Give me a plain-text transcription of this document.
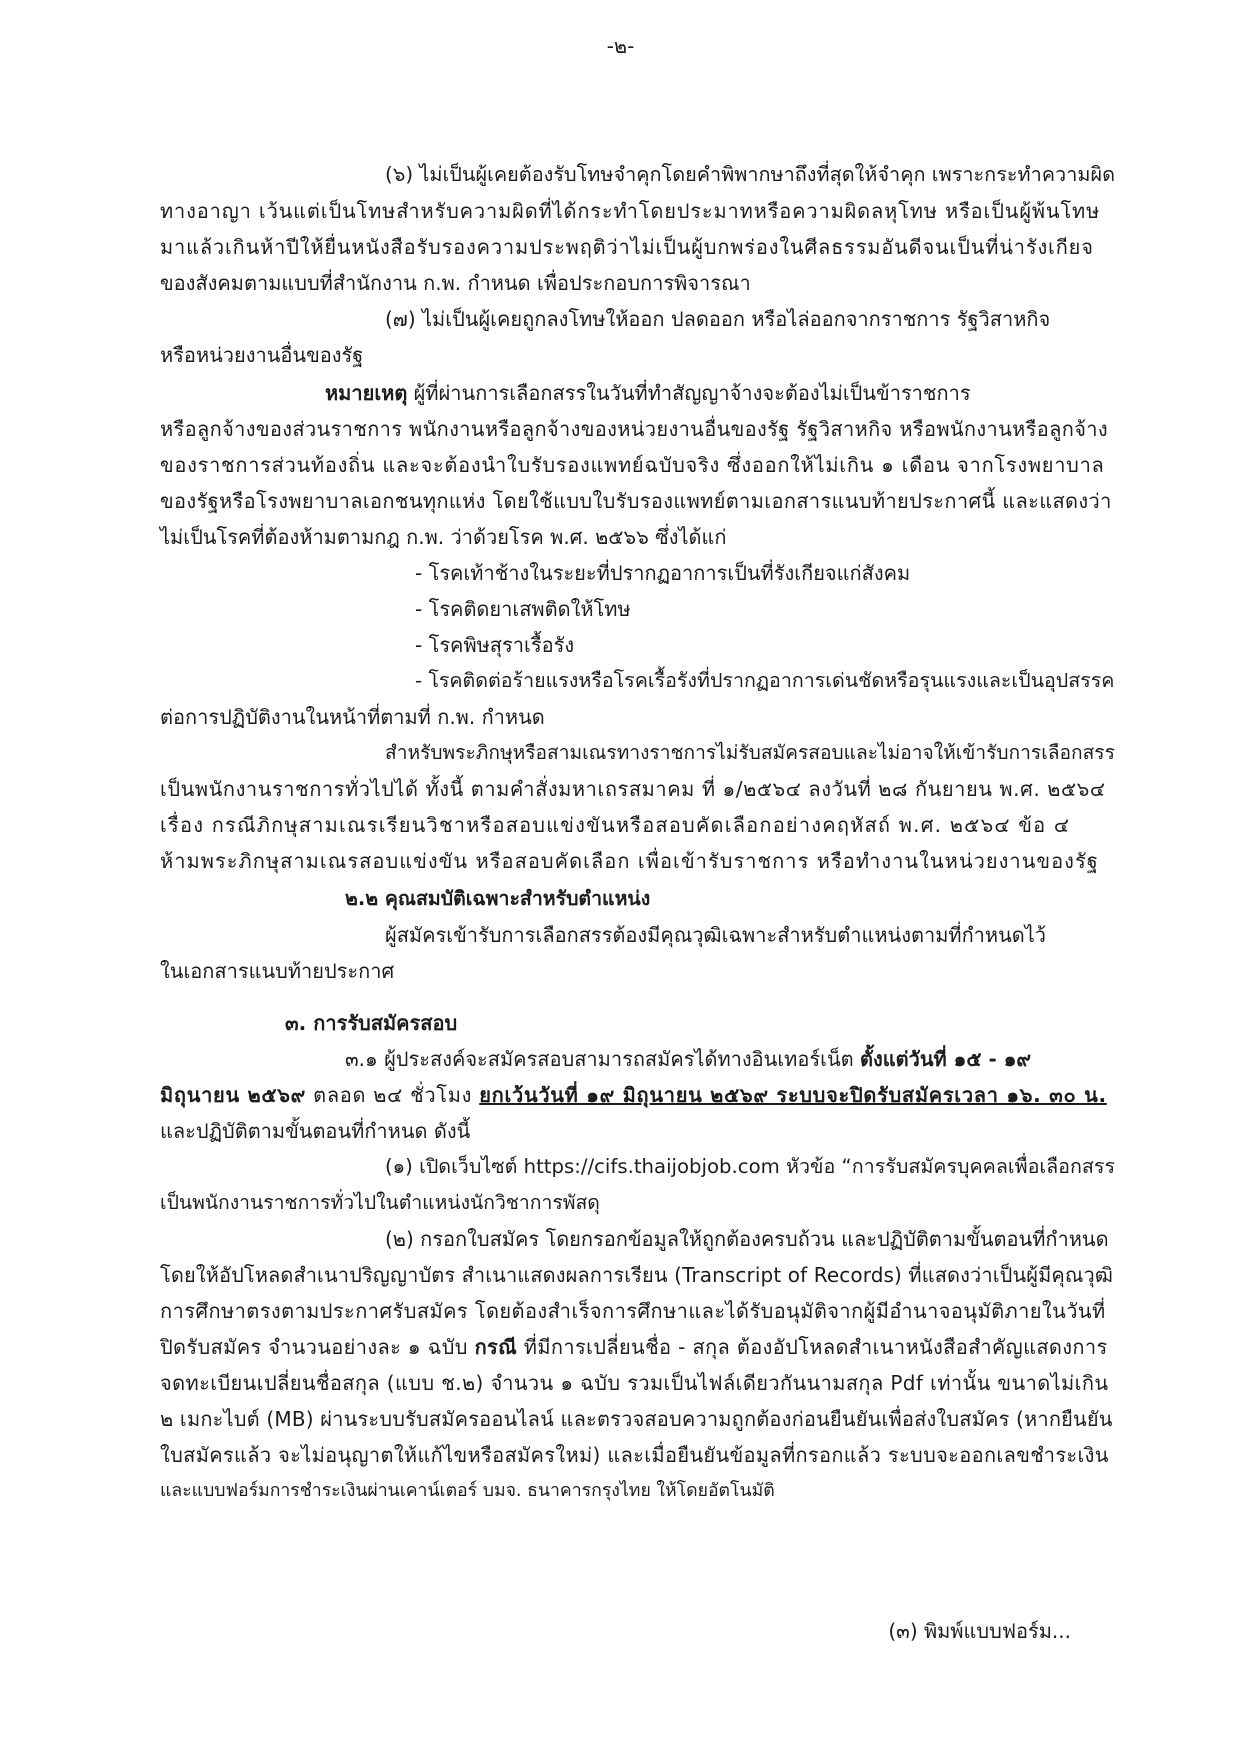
-๒-
(๖) ไม่เป็นผู้เคยต้องรับโทษจำคุกโดยคำพิพากษาถึงที่สุดให้จำคุก เพราะกระทำความผิด
ทางอาญา เว้นแต่เป็นโทษสำหรับความผิดที่ได้กระทำโดยประมาทหรือความผิดลหุโทษ หรือเป็นผู้พ้นโทษ
มาแล้วเกินห้าปีให้ยื่นหนังสือรับรองความประพฤติว่าไม่เป็นผู้บกพร่องในศีลธรรมอันดีจนเป็นที่น่ารังเกียจ
ของสังคมตามแบบที่สำนักงาน ก.พ. กำหนด เพื่อประกอบการพิจารณา
(๗) ไม่เป็นผู้เคยถูกลงโทษให้ออก ปลดออก หรือไล่ออกจากราชการ รัฐวิสาหกิจ
หรือหน่วยงานอื่นของรัฐ
หมายเหตุ ผู้ที่ผ่านการเลือกสรรในวันที่ทำสัญญาจ้างจะต้องไม่เป็นข้าราชการ
หรือลูกจ้างของส่วนราชการ พนักงานหรือลูกจ้างของหน่วยงานอื่นของรัฐ รัฐวิสาหกิจ หรือพนักงานหรือลูกจ้าง
ของราชการส่วนท้องถิ่น และจะต้องนำใบรับรองแพทย์ฉบับจริง ซึ่งออกให้ไม่เกิน ๑ เดือน จากโรงพยาบาล
ของรัฐหรือโรงพยาบาลเอกชนทุกแห่ง โดยใช้แบบใบรับรองแพทย์ตามเอกสารแนบท้ายประกาศนี้ และแสดงว่า
ไม่เป็นโรคที่ต้องห้ามตามกฎ ก.พ. ว่าด้วยโรค พ.ศ. ๒๕๖๖ ซึ่งได้แก่
- โรคเท้าช้างในระยะที่ปรากฏอาการเป็นที่รังเกียจแก่สังคม
- โรคติดยาเสพติดให้โทษ
- โรคพิษสุราเรื้อรัง
- โรคติดต่อร้ายแรงหรือโรคเรื้อรังที่ปรากฏอาการเด่นชัดหรือรุนแรงและเป็นอุปสรรค
ต่อการปฏิบัติงานในหน้าที่ตามที่ ก.พ. กำหนด
สำหรับพระภิกษุหรือสามเณรทางราชการไม่รับสมัครสอบและไม่อาจให้เข้ารับการเลือกสรร
เป็นพนักงานราชการทั่วไปได้ ทั้งนี้ ตามคำสั่งมหาเถรสมาคม ที่ ๑/๒๕๖๔ ลงวันที่ ๒๘ กันยายน พ.ศ. ๒๕๖๔
เรื่อง กรณีภิกษุสามเณรเรียนวิชาหรือสอบแข่งขันหรือสอบคัดเลือกอย่างคฤหัสถ์ พ.ศ. ๒๕๖๔ ข้อ ๔
ห้ามพระภิกษุสามเณรสอบแข่งขัน หรือสอบคัดเลือก เพื่อเข้ารับราชการ หรือทำงานในหน่วยงานของรัฐ
๒.๒ คุณสมบัติเฉพาะสำหรับตำแหน่ง
ผู้สมัครเข้ารับการเลือกสรรต้องมีคุณวุฒิเฉพาะสำหรับตำแหน่งตามที่กำหนดไว้
ในเอกสารแนบท้ายประกาศ
๓. การรับสมัครสอบ
๓.๑ ผู้ประสงค์จะสมัครสอบสามารถสมัครได้ทางอินเทอร์เน็ต ตั้งแต่วันที่ ๑๕ - ๑๙
มิถุนายน ๒๕๖๙ ตลอด ๒๔ ชั่วโมง ยกเว้นวันที่ ๑๙ มิถุนายน ๒๕๖๙ ระบบจะปิดรับสมัครเวลา ๑๖. ๓๐ น.
และปฏิบัติตามขั้นตอนที่กำหนด ดังนี้
(๑) เปิดเว็บไซต์ https://cifs.thaijobjob.com หัวข้อ “การรับสมัครบุคคลเพื่อเลือกสรร
เป็นพนักงานราชการทั่วไปในตำแหน่งนักวิชาการพัสดุ
(๒) กรอกใบสมัคร โดยกรอกข้อมูลให้ถูกต้องครบถ้วน และปฏิบัติตามขั้นตอนที่กำหนด
โดยให้อัปโหลดสำเนาปริญญาบัตร สำเนาแสดงผลการเรียน (Transcript of Records) ที่แสดงว่าเป็นผู้มีคุณวุฒิ
การศึกษาตรงตามประกาศรับสมัคร โดยต้องสำเร็จการศึกษาและได้รับอนุมัติจากผู้มีอำนาจอนุมัติภายในวันที่
ปิดรับสมัคร จำนวนอย่างละ ๑ ฉบับ กรณี ที่มีการเปลี่ยนชื่อ - สกุล ต้องอัปโหลดสำเนาหนังสือสำคัญแสดงการ
จดทะเบียนเปลี่ยนชื่อสกุล (แบบ ช.๒) จำนวน ๑ ฉบับ รวมเป็นไฟล์เดียวกันนามสกุล Pdf เท่านั้น ขนาดไม่เกิน
๒ เมกะไบต์ (MB) ผ่านระบบรับสมัครออนไลน์ และตรวจสอบความถูกต้องก่อนยืนยันเพื่อส่งใบสมัคร (หากยืนยัน
ใบสมัครแล้ว จะไม่อนุญาตให้แก้ไขหรือสมัครใหม่) และเมื่อยืนยันข้อมูลที่กรอกแล้ว ระบบจะออกเลขชำระเงิน
และแบบฟอร์มการชำระเงินผ่านเคาน์เตอร์ บมจ. ธนาคารกรุงไทย ให้โดยอัตโนมัติ
(๓) พิมพ์แบบฟอร์ม...
